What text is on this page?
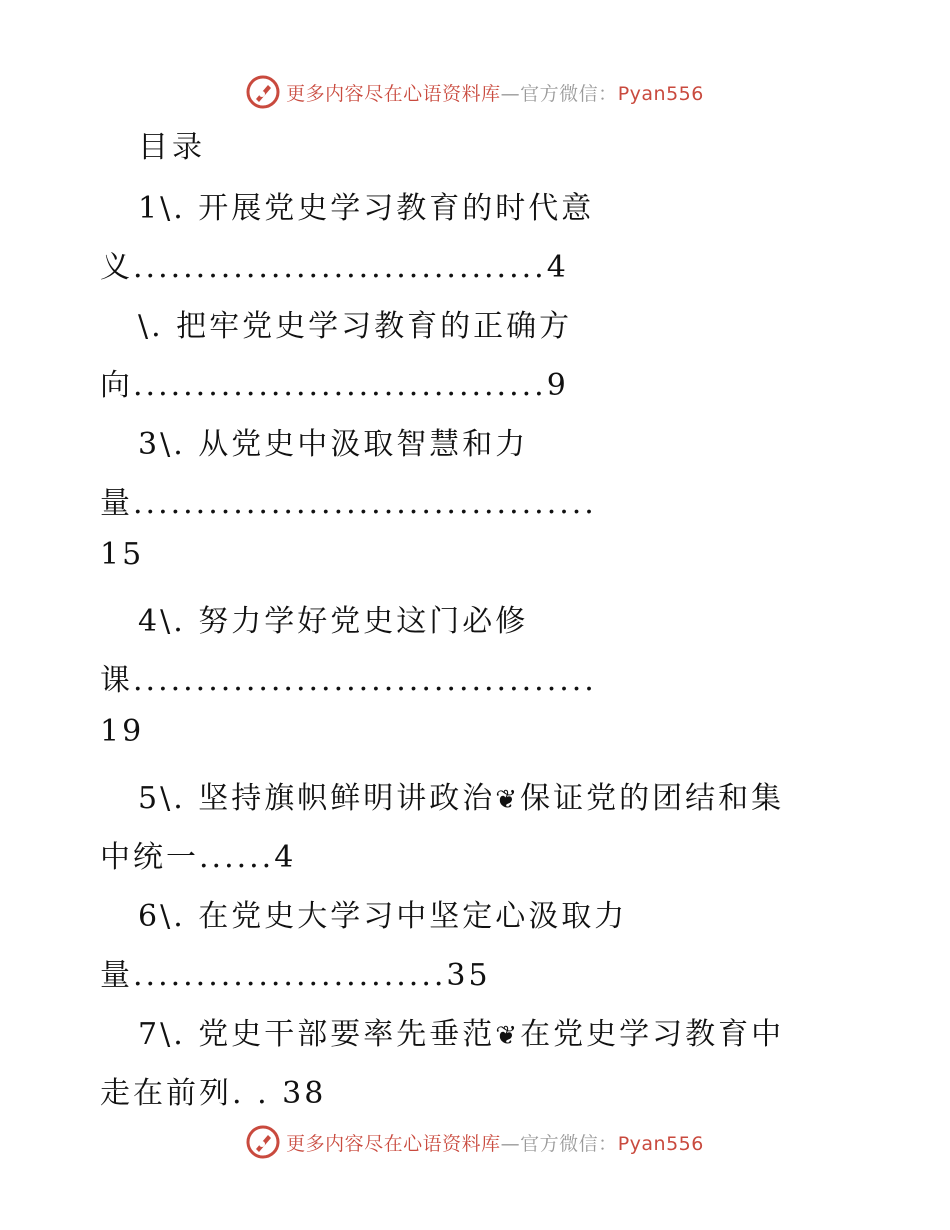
更多内容尽在心语资料库—官方微信：Pyan556
目录
1\. 开展党史学习教育的时代意
义.................................4
\. 把牢党史学习教育的正确方
向.................................9
3\. 从党史中汲取智慧和力
量.....................................
15
4\. 努力学好党史这门必修
课.....................................
19
5\. 坚持旗帜鲜明讲政治❦保证党的团结和集
中统一......4
6\. 在党史大学习中坚定心汲取力
量.........................35
7\. 党史干部要率先垂范❦在党史学习教育中
走在前列. . 38
更多内容尽在心语资料库—官方微信：Pyan556
